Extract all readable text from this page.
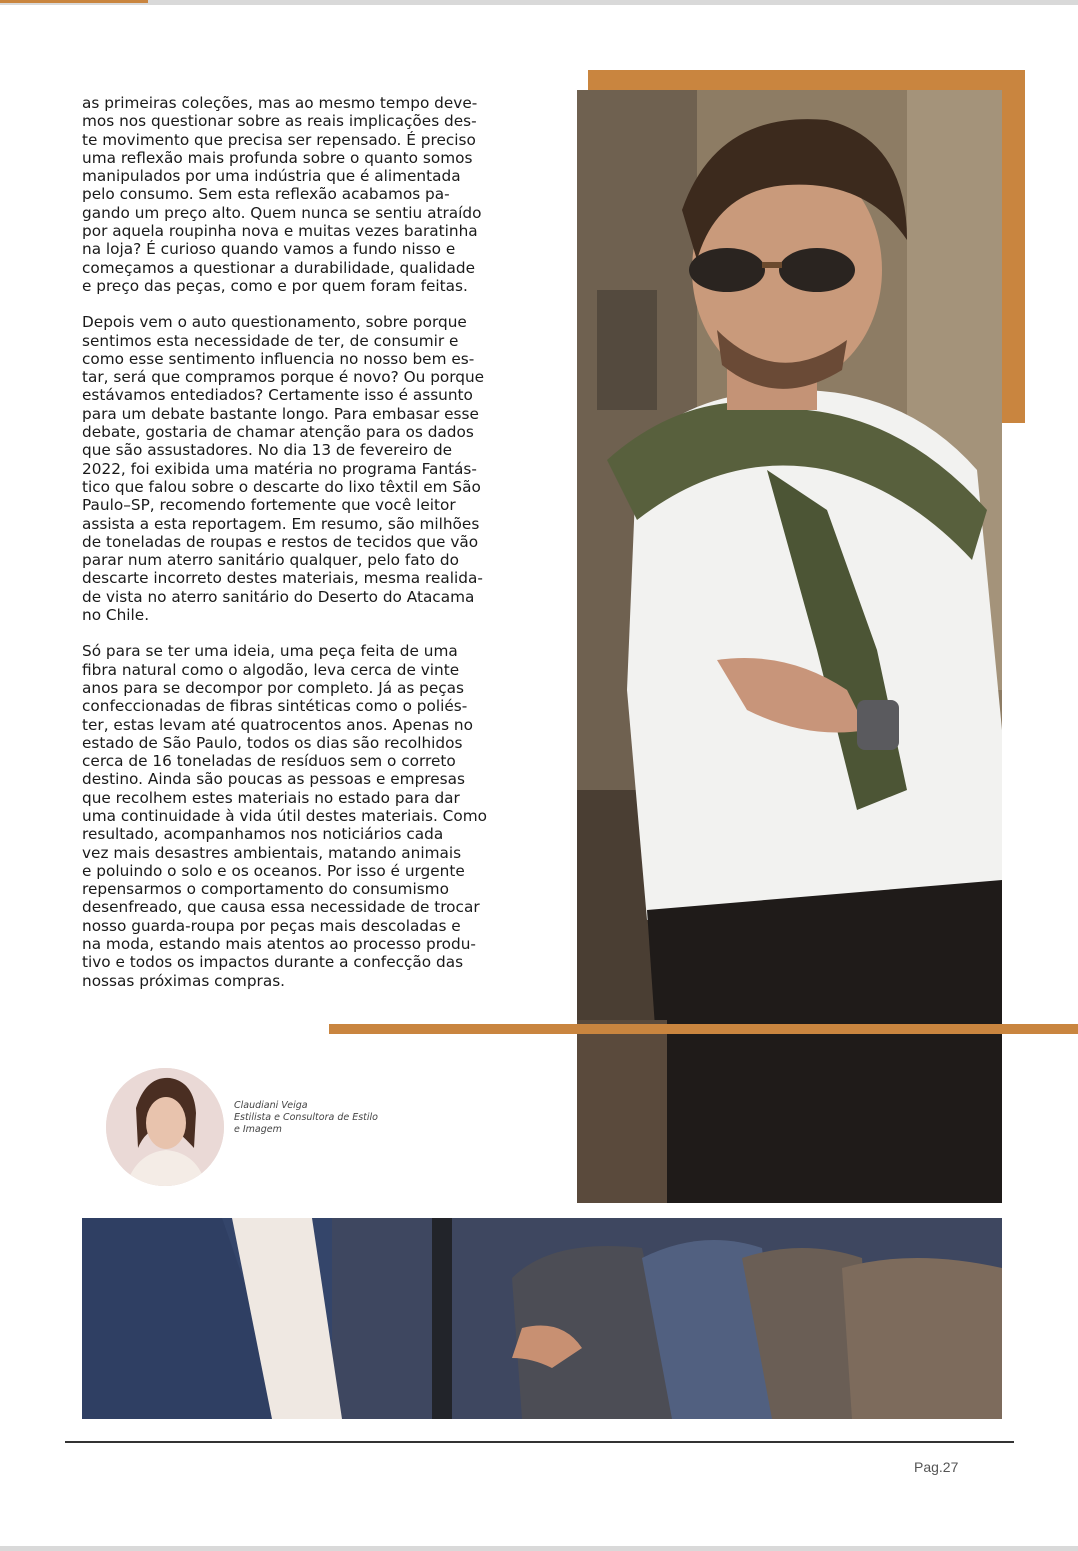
as primeiras coleções, mas ao mesmo tempo deve-
mos nos questionar sobre as reais implicações des-
te movimento que precisa ser repensado. É preciso
uma reflexão mais profunda sobre o quanto somos
manipulados por uma indústria que é alimentada
pelo consumo. Sem esta reflexão acabamos pa-
gando um preço alto. Quem nunca se sentiu atraído
por aquela roupinha nova e muitas vezes baratinha
na loja? É curioso quando vamos a fundo nisso e
começamos a questionar a durabilidade, qualidade
e preço das peças, como e por quem foram feitas.

Depois vem o auto questionamento, sobre porque
sentimos esta necessidade de ter, de consumir e
como esse sentimento influencia no nosso bem es-
tar, será que compramos porque é novo? Ou porque
estávamos entediados? Certamente isso é assunto
para um debate bastante longo. Para embasar esse
debate, gostaria de chamar atenção para os dados
que são assustadores. No dia 13 de fevereiro de
2022, foi exibida uma matéria no programa Fantás-
tico que falou sobre o descarte do lixo têxtil em São
Paulo–SP, recomendo fortemente que você leitor
assista a esta reportagem. Em resumo, são milhões
de toneladas de roupas e restos de tecidos que vão
parar num aterro sanitário qualquer, pelo fato do
descarte incorreto destes materiais, mesma realida-
de vista no aterro sanitário do Deserto do Atacama
no Chile.

Só para se ter uma ideia, uma peça feita de uma
fibra natural como o algodão, leva cerca de vinte
anos para se decompor por completo. Já as peças
confeccionadas de fibras sintéticas como o poliés-
ter, estas levam até quatrocentos anos. Apenas no
estado de São Paulo, todos os dias são recolhidos
cerca de 16 toneladas de resíduos sem o correto
destino. Ainda são poucas as pessoas e empresas
que recolhem estes materiais no estado para dar
uma continuidade à vida útil destes materiais. Como
resultado, acompanhamos nos noticiários cada
vez mais desastres ambientais, matando animais
e poluindo o solo e os oceanos. Por isso é urgente
repensarmos o comportamento do consumismo
desenfreado, que causa essa necessidade de trocar
nosso guarda-roupa por peças mais descoladas e
na moda, estando mais atentos ao processo produ-
tivo e todos os impactos durante a confecção das
nossas próximas compras.

Claudiani Veiga
Estilista e Consultora de Estilo
e Imagem
Pag.27
